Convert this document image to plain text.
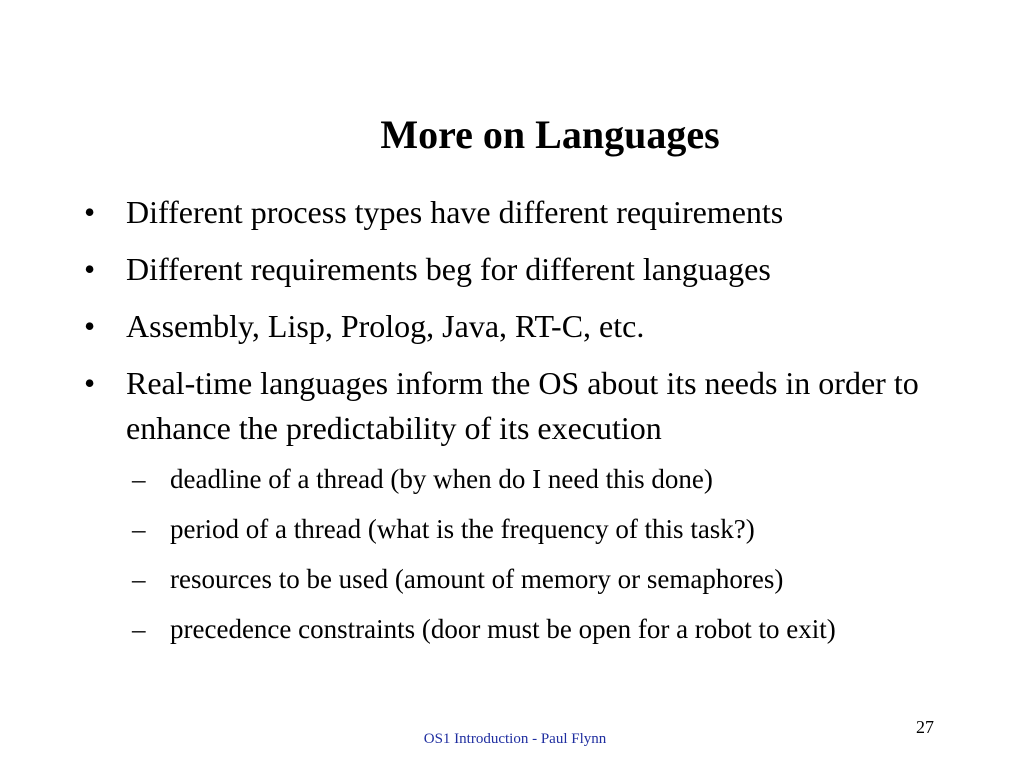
More on Languages
• Different process types have different requirements
• Different requirements beg for different languages
• Assembly, Lisp, Prolog, Java, RT-C, etc.
• Real-time languages inform the OS about its needs in order to enhance the predictability of its execution
– deadline of a thread (by when do I need this done)
– period of a thread (what is the frequency of this task?)
– resources to be used (amount of memory or semaphores)
– precedence constraints (door must be open for a robot to exit)
27
OS1 Introduction - Paul Flynn
